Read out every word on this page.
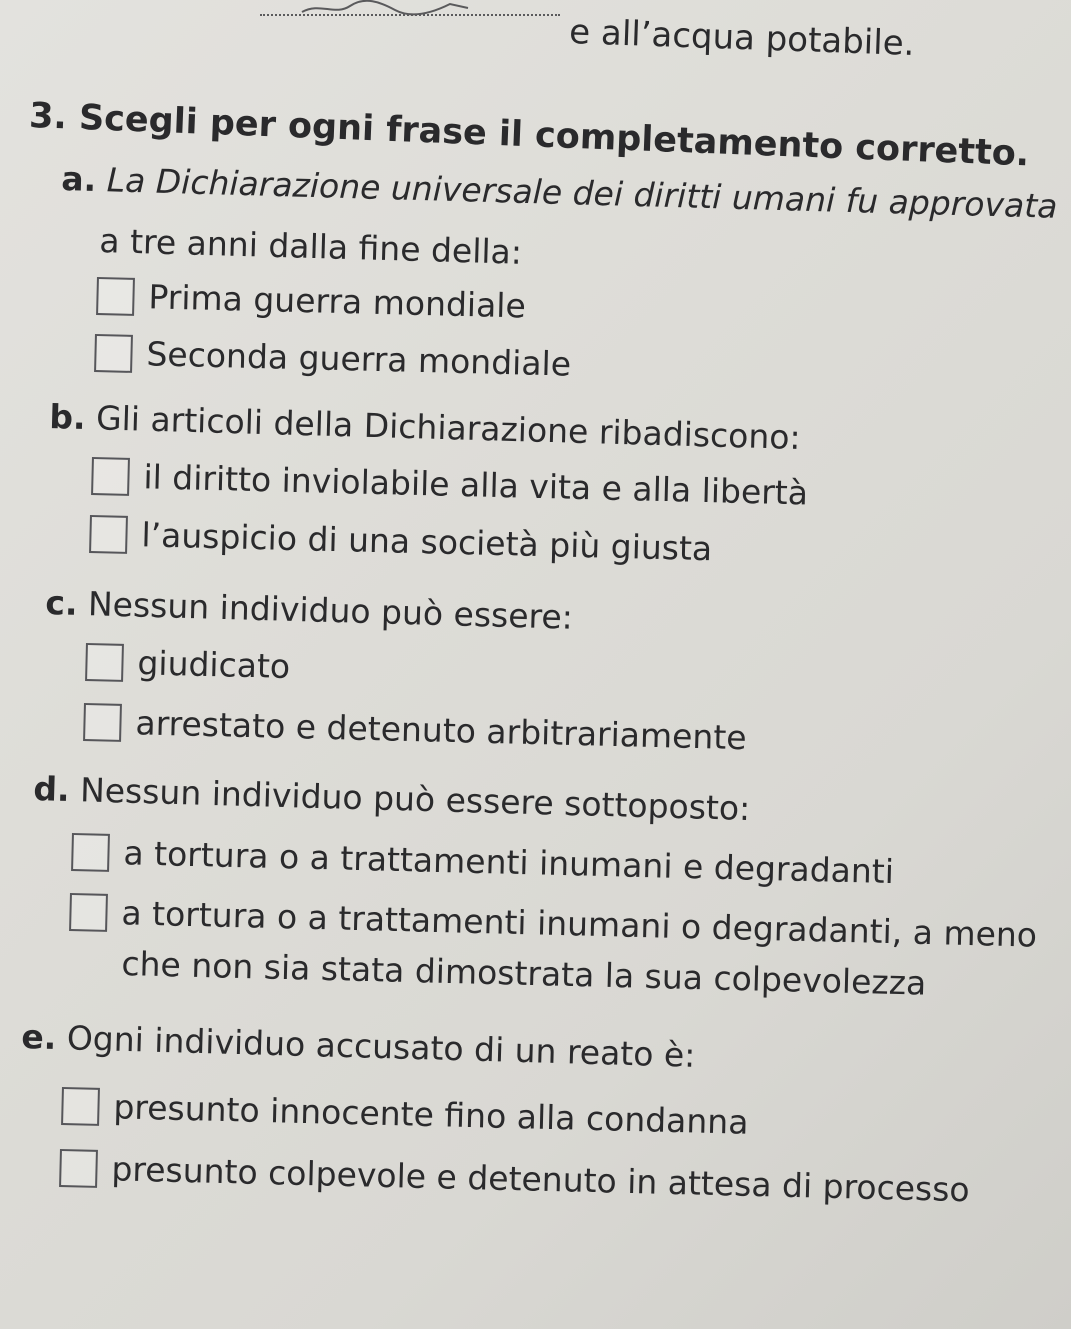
e all’acqua potabile.
3. Scegli per ogni frase il completamento corretto.
a. La Dichiarazione universale dei diritti umani fu approvata
a tre anni dalla fine della:
Prima guerra mondiale
Seconda guerra mondiale
b. Gli articoli della Dichiarazione ribadiscono:
il diritto inviolabile alla vita e alla libertà
l’auspicio di una società più giusta
c. Nessun individuo può essere:
giudicato
arrestato e detenuto arbitrariamente
d. Nessun individuo può essere sottoposto:
a tortura o a trattamenti inumani e degradanti
a tortura o a trattamenti inumani o degradanti, a meno
che non sia stata dimostrata la sua colpevolezza
e. Ogni individuo accusato di un reato è:
presunto innocente fino alla condanna
presunto colpevole e detenuto in attesa di processo
